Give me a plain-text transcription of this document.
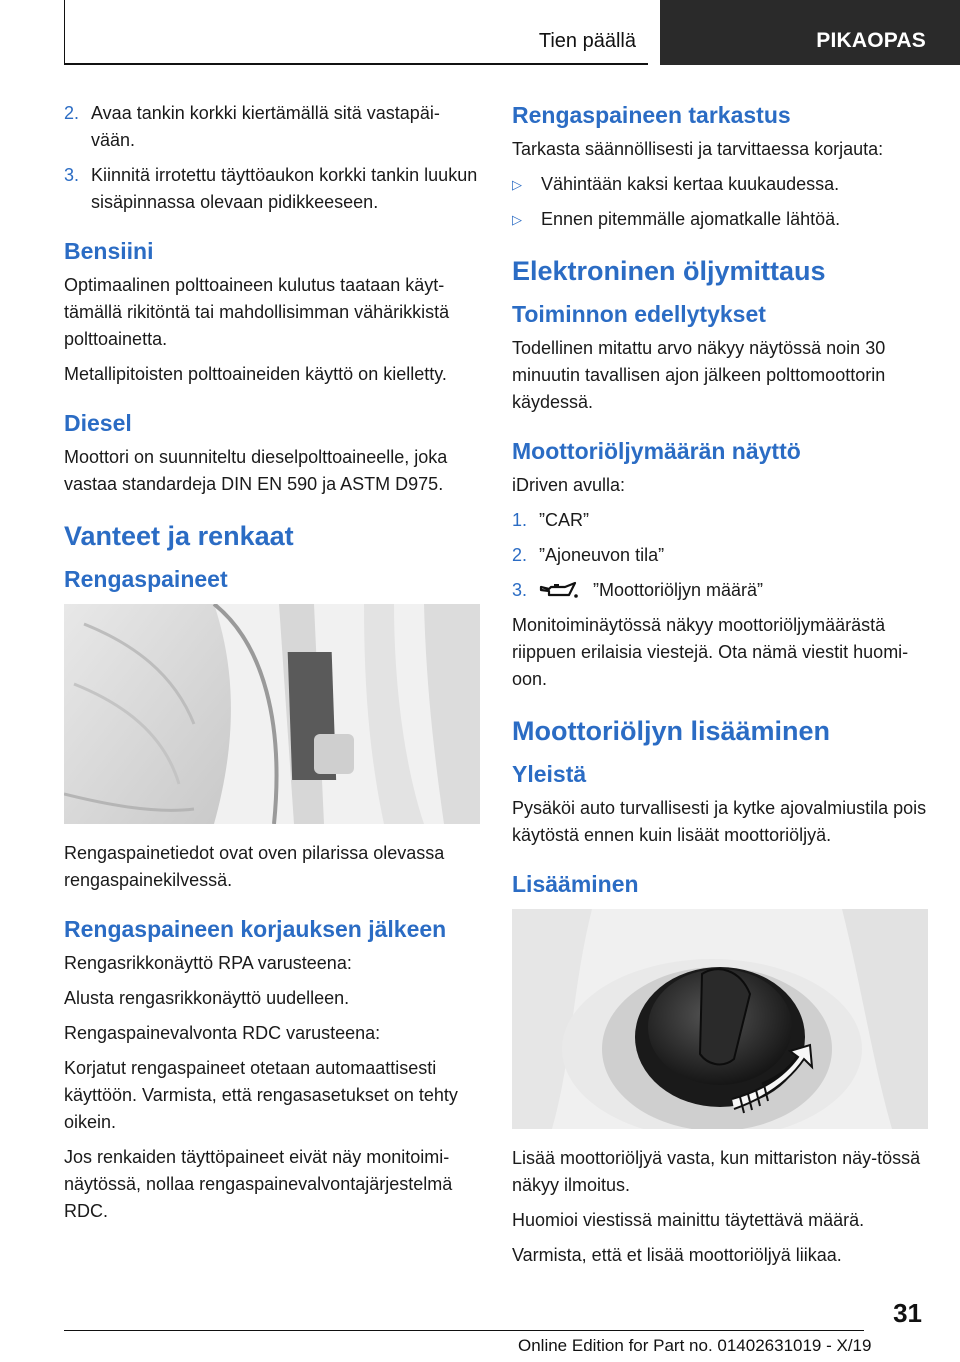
Tien päällä	PIKAOPAS
2. Avaa tankin korkki kiertämällä sitä vastapäi-vään.
3. Kiinnitä irrotettu täyttöaukon korkki tankin luukun sisäpinnassa olevaan pidikkeeseen.
Bensiini

Optimaalinen polttoaineen kulutus taataan käyt-tämällä rikitöntä tai mahdollisimman vähärikkistä polttoainetta.

Metallipitoisten polttoaineiden käyttö on kielletty.

Diesel

Moottori on suunniteltu dieselpolttoaineelle, joka vastaa standardeja DIN EN 590 ja ASTM D975.

Vanteet ja renkaat
Rengaspaineet

Rengaspainetiedot ovat oven pilarissa olevassa rengaspainekilvessä.

Rengaspaineen korjauksen jälkeen

Rengasrikkonäyttö RPA varusteena:

Alusta rengasrikkonäyttö uudelleen.

Rengaspainevalvonta RDC varusteena:

Korjatut rengaspaineet otetaan automaattisesti käyttöön. Varmista, että rengasasetukset on tehty oikein.

Jos renkaiden täyttöpaineet eivät näy monitoimi-näytössä, nollaa rengaspainevalvontajärjestelmä RDC.

Rengaspaineen tarkastus

Tarkasta säännöllisesti ja tarvittaessa korjauta:

▷	Vähintään kaksi kertaa kuukaudessa.
▷	Ennen pitemmälle ajomatkalle lähtöä.
Elektroninen öljymittaus
Toiminnon edellytykset

Todellinen mitattu arvo näkyy näytössä noin 30 minuutin tavallisen ajon jälkeen polttomoottorin käydessä.

Moottoriöljymäärän näyttö

iDriven avulla:

1. ”CAR”
2. ”Ajoneuvon tila”
3.	”Moottoriöljyn määrä”

Monitoiminäytössä näkyy moottoriöljymäärästä riippuen erilaisia viestejä. Ota nämä viestit huomi-oon.

Moottoriöljyn lisääminen
Yleistä

Pysäköi auto turvallisesti ja kytke ajovalmiustila pois käytöstä ennen kuin lisäät moottoriöljyä.

Lisääminen

Lisää moottoriöljyä vasta, kun mittariston näy-tössä näkyy ilmoitus.

Huomioi viestissä mainittu täytettävä määrä.

Varmista, että et lisää moottoriöljyä liikaa.

31
Online Edition for Part no. 01402631019 - X/19
